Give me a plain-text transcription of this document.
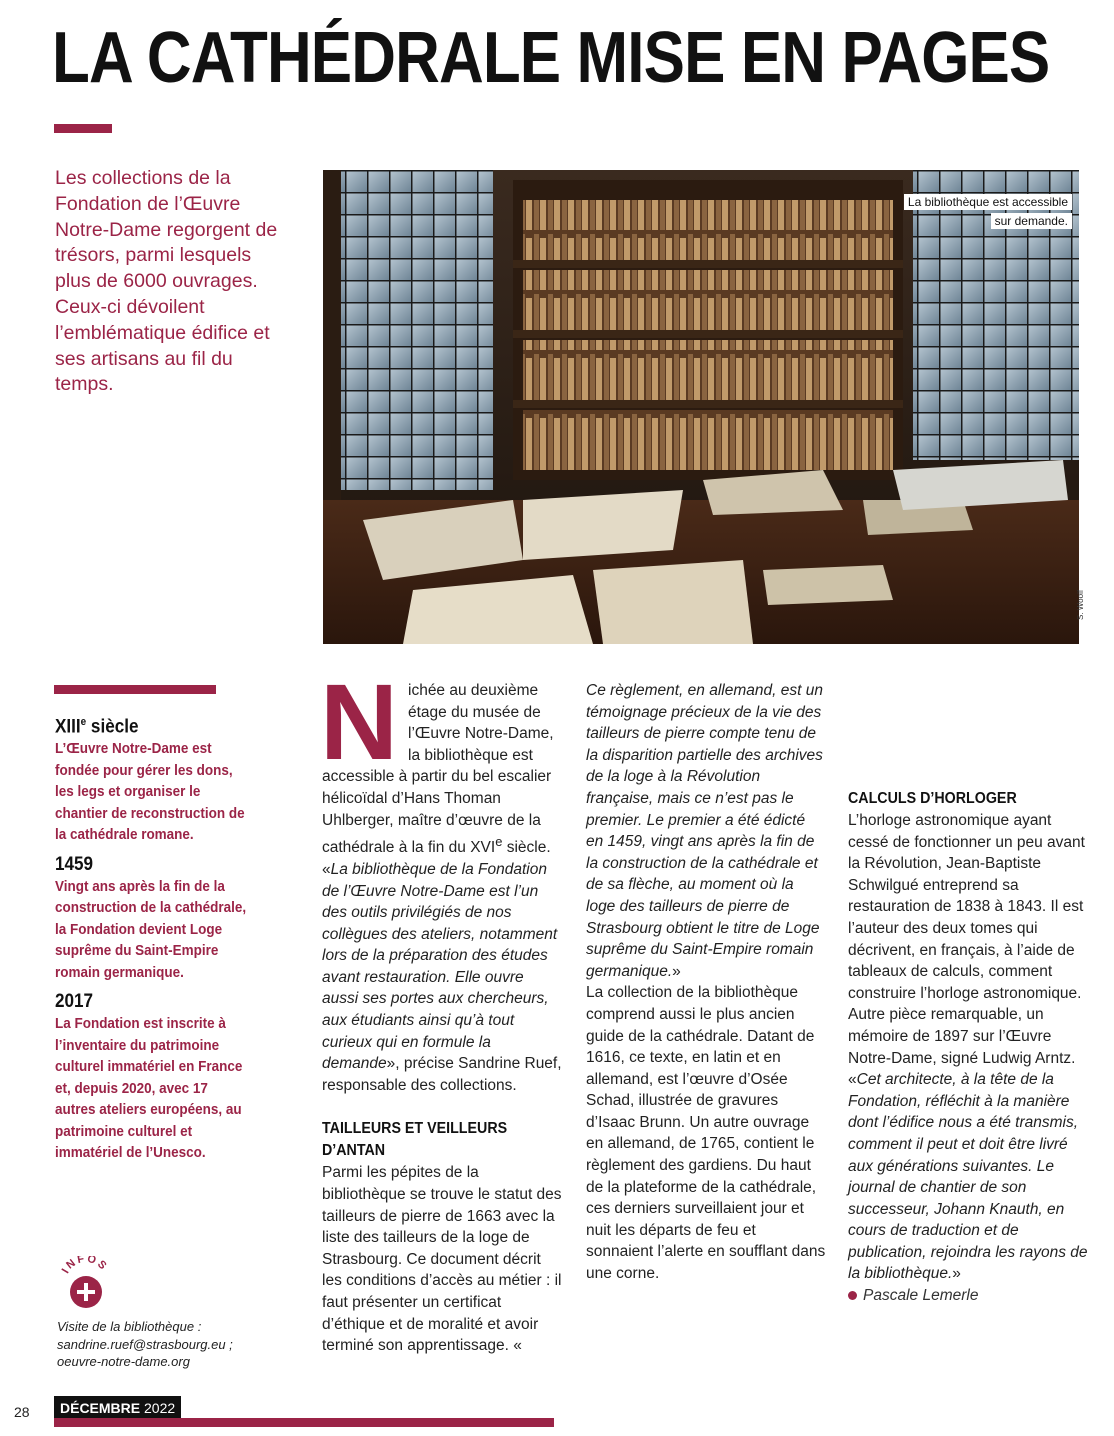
LA CATHÉDRALE MISE EN PAGES

Les collections de la Fondation de l’Œuvre Notre-Dame regorgent de trésors, parmi lesquels plus de 6000 ouvrages. Ceux-ci dévoilent l’emblématique édifice et ses artisans au fil du temps.

La bibliothèque est accessible
sur demande.
S. Woolf

XIIIe siècle

L’Œuvre Notre-Dame est fondée pour gérer les dons, les legs et organiser le chantier de reconstruction de la cathédrale romane.

1459

Vingt ans après la fin de la construction de la cathédrale, la Fondation devient Loge suprême du Saint-Empire romain germanique.

2017

La Fondation est inscrite à l’inventaire du patrimoine culturel immatériel en France et, depuis 2020, avec 17 autres ateliers européens, au patrimoine culturel et immatériel de l’Unesco.

Nichée au deuxième étage du musée de l’Œuvre Notre-Dame, la bibliothèque est accessible à partir du bel escalier hélicoïdal d’Hans Thoman Uhlberger, maître d’œuvre de la cathédrale à la fin du XVIe siècle. «La bibliothèque de la Fondation de l’Œuvre Notre-Dame est l’un des outils privilégiés de nos collègues des ateliers, notamment lors de la préparation des études avant restauration. Elle ouvre aussi ses portes aux chercheurs, aux étudiants ainsi qu’à tout curieux qui en formule la demande», précise Sandrine Ruef, responsable des collections.

TAILLEURS ET VEILLEURS D’ANTAN

Parmi les pépites de la bibliothèque se trouve le statut des tailleurs de pierre de 1663 avec la liste des tailleurs de la loge de Strasbourg. Ce document décrit les conditions d’accès au métier : il faut présenter un certificat d’éthique et de moralité et avoir terminé son apprentissage. «

Ce règlement, en allemand, est un témoignage précieux de la vie des tailleurs de pierre compte tenu de la disparition partielle des archives de la loge à la Révolution française, mais ce n’est pas le premier. Le premier a été édicté en 1459, vingt ans après la fin de la construction de la cathédrale et de sa flèche, au moment où la loge des tailleurs de pierre de Strasbourg obtient le titre de Loge suprême du Saint-Empire romain germanique.»

La collection de la bibliothèque comprend aussi le plus ancien guide de la cathédrale. Datant de 1616, ce texte, en latin et en allemand, est l’œuvre d’Osée Schad, illustrée de gravures d’Isaac Brunn. Un autre ouvrage en allemand, de 1765, contient le règlement des gardiens. Du haut de la plateforme de la cathédrale, ces derniers surveillaient jour et nuit les départs de feu et sonnaient l’alerte en soufflant dans une corne.

CALCULS D’HORLOGER

L’horloge astronomique ayant cessé de fonctionner un peu avant la Révolution, Jean-Baptiste Schwilgué entreprend sa restauration de 1838 à 1843. Il est l’auteur des deux tomes qui décrivent, en français, à l’aide de tableaux de calculs, comment construire l’horloge astronomique. Autre pièce remarquable, un mémoire de 1897 sur l’Œuvre Notre-Dame, signé Ludwig Arntz. «Cet architecte, à la tête de la Fondation, réfléchit à la manière dont l’édifice nous a été transmis, comment il peut et doit être livré aux générations suivantes. Le journal de chantier de son successeur, Johann Knauth, en cours de traduction et de publication, rejoindra les rayons de la bibliothèque.»

Pascale Lemerle

INFOS
Visite de la bibliothèque :
sandrine.ruef@strasbourg.eu ;
oeuvre-notre-dame.org
28	DÉCEMBRE 2022
